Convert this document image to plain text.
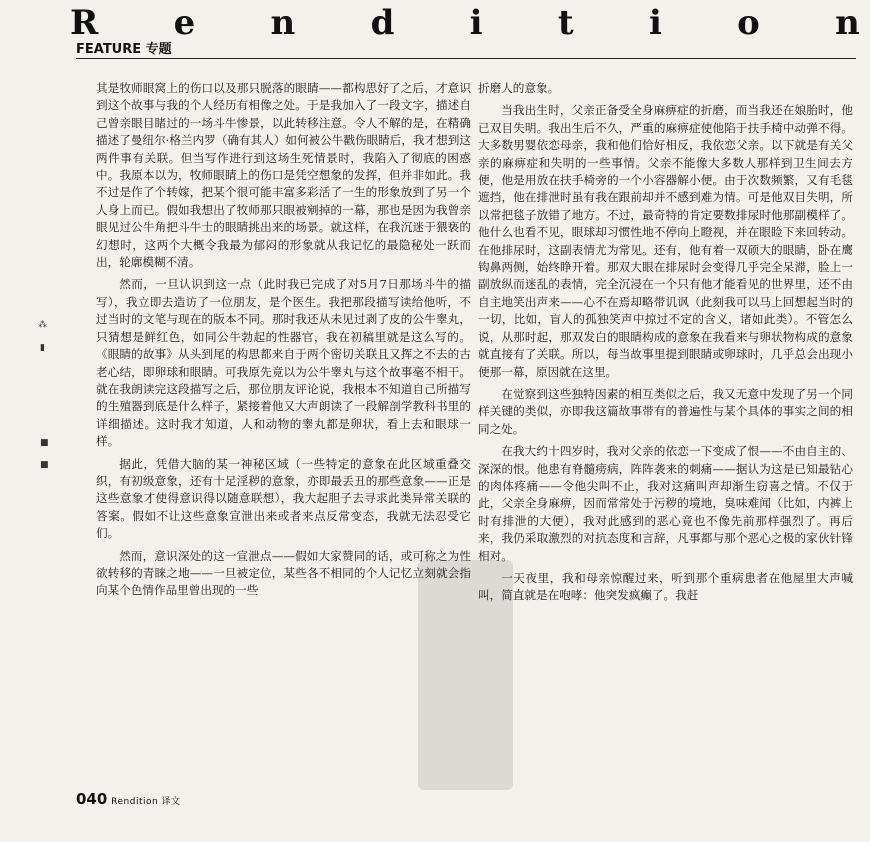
R e n d i t i o n
FEATURE 专题
⁂
▮
■
■

其是牧师眼窝上的伤口以及那只脱落的眼睛——都构思好了之后，才意识到这个故事与我的个人经历有相像之处。于是我加入了一段文字，描述自己曾亲眼目睹过的一场斗牛惨景，以此转移注意。令人不解的是，在精确描述了曼纽尔·格兰内罗（确有其人）如何被公牛戳伤眼睛后，我才想到这两件事有关联。但当写作进行到这场生死情景时，我陷入了彻底的困惑中。我原本以为，牧师眼睛上的伤口是凭空想象的发挥，但并非如此。我不过是作了个转嫁，把某个很可能丰富多彩活了一生的形象放到了另一个人身上而已。假如我想出了牧师那只眼被剜掉的一幕，那也是因为我曾亲眼见过公牛角把斗牛士的眼睛挑出来的场景。就这样，在我沉迷于猥亵的幻想时，这两个大概令我最为郁闷的形象就从我记忆的最隐秘处一跃而出，轮廓模糊不清。

然而，一旦认识到这一点（此时我已完成了对5月7日那场斗牛的描写），我立即去造访了一位朋友，是个医生。我把那段描写读给他听，不过当时的文笔与现在的版本不同。那时我还从未见过剥了皮的公牛睾丸，只猜想是鲜红色，如同公牛勃起的性器官，我在初稿里就是这么写的。《眼睛的故事》从头到尾的构思都来自于两个密切关联且又挥之不去的古老心结，即卵球和眼睛。可我原先竟以为公牛睾丸与这个故事毫不相干。就在我朗读完这段描写之后，那位朋友评论说，我根本不知道自己所描写的生殖器到底是什么样子，紧接着他又大声朗读了一段解剖学教科书里的详细描述。这时我才知道，人和动物的睾丸都是卵状，看上去和眼球一样。

据此，凭借大脑的某一神秘区域（一些特定的意象在此区域重叠交织，有初级意象，还有十足淫秽的意象，亦即最丢丑的那些意象——正是这些意象才使得意识得以随意联想），我大起胆子去寻求此类异常关联的答案。假如不让这些意象宣泄出来或者来点反常变态，我就无法忍受它们。

然而，意识深处的这一宣泄点——假如大家赞同的话，或可称之为性欲转移的青睐之地——一旦被定位，某些各不相同的个人记忆立刻就会指向某个色情作品里曾出现的一些

折磨人的意象。

当我出生时，父亲正备受全身麻痹症的折磨，而当我还在娘胎时，他已双目失明。我出生后不久，严重的麻痹症使他陷于扶手椅中动弹不得。大多数男婴依恋母亲，我和他们恰好相反，我依恋父亲。以下就是有关父亲的麻痹症和失明的一些事情。父亲不能像大多数人那样到卫生间去方便，他是用放在扶手椅旁的一个小容器解小便。由于次数频繁，又有毛毯遮挡，他在排泄时虽有我在跟前却并不感到难为情。可是他双目失明，所以常把毯子放错了地方。不过，最奇特的肯定要数排尿时他那副模样了。他什么也看不见，眼球却习惯性地不停向上瞪视，并在眼睑下来回转动。在他排尿时，这副表情尤为常见。还有，他有着一双硕大的眼睛，卧在鹰钩鼻两侧，始终睁开着。那双大眼在排尿时会变得几乎完全呆滞，脸上一副放纵而迷乱的表情，完全沉浸在一个只有他才能看见的世界里，还不由自主地笑出声来——心不在焉却略带讥讽（此刻我可以马上回想起当时的一切，比如，盲人的孤独笑声中掠过不定的含义，诸如此类）。不管怎么说，从那时起，那双发白的眼睛构成的意象在我看来与卵状物构成的意象就直接有了关联。所以，每当故事里提到眼睛或卵球时，几乎总会出现小便那一幕，原因就在这里。

在觉察到这些独特因素的相互类似之后，我又无意中发现了另一个同样关键的类似，亦即我这篇故事带有的普遍性与某个具体的事实之间的相同之处。

在我大约十四岁时，我对父亲的依恋一下变成了恨——不由自主的、深深的恨。他患有脊髓痨病，阵阵袭来的刺痛——据认为这是已知最钻心的肉体疼痛——令他尖叫不止，我对这痛叫声却渐生窃喜之情。不仅于此，父亲全身麻痹，因而常常处于污秽的境地，臭味难闻（比如，内裤上时有排泄的大便），我对此感到的恶心竟也不像先前那样强烈了。再后来，我仍采取激烈的对抗态度和言辞，凡事都与那个恶心之极的家伙针锋相对。

一天夜里，我和母亲惊醒过来，听到那个重病患者在他屋里大声喊叫，简直就是在咆哮：他突发疯癫了。我赶

040 Rendition 译文
